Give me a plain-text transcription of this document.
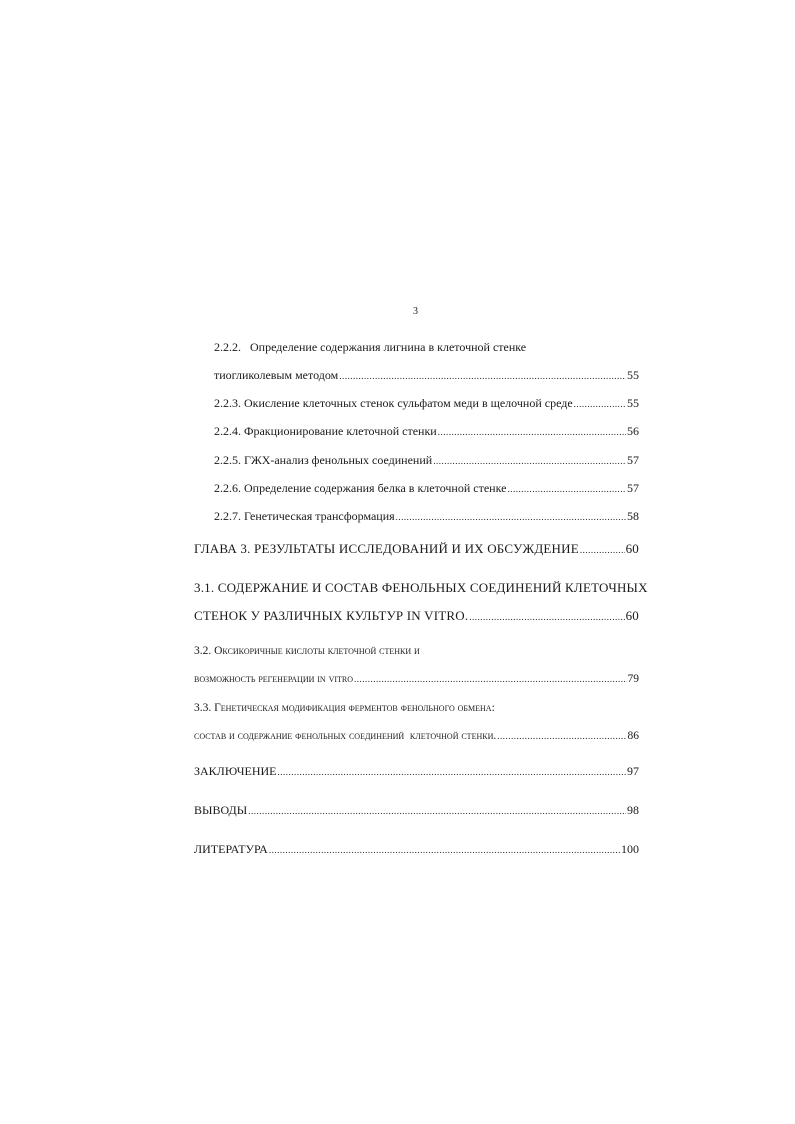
3
2.2.2.   Определение содержания лигнина в клеточной стенке
тиогликолевым методом .....	55
2.2.3. Окисление клеточных стенок сульфатом меди в щелочной среде .....	55
2.2.4. Фракционирование клеточной стенки .....	56
2.2.5. ГЖХ-анализ фенольных соединений .....	57
2.2.6. Определение содержания белка в клеточной стенке .....	57
2.2.7. Генетическая трансформация .....	58
ГЛАВА 3. РЕЗУЛЬТАТЫ ИССЛЕДОВАНИЙ И ИХ ОБСУЖДЕНИЕ .....	60
3.1. СОДЕРЖАНИЕ И СОСТАВ ФЕНОЛЬНЫХ СОЕДИНЕНИЙ КЛЕТОЧНЫХ
СТЕНОК У РАЗЛИЧНЫХ КУЛЬТУР IN VITRO. .....	60
3.2. Оксикоричные кислоты клеточной стенки и
возможность регенерации in vitro .....	79
3.3. Генетическая модификация ферментов фенольного обмена:
состав и содержание фенольных соединений  клеточной стенки. .....	86
ЗАКЛЮЧЕНИЕ .....	97
ВЫВОДЫ .....	98
ЛИТЕРАТУРА .....	100
